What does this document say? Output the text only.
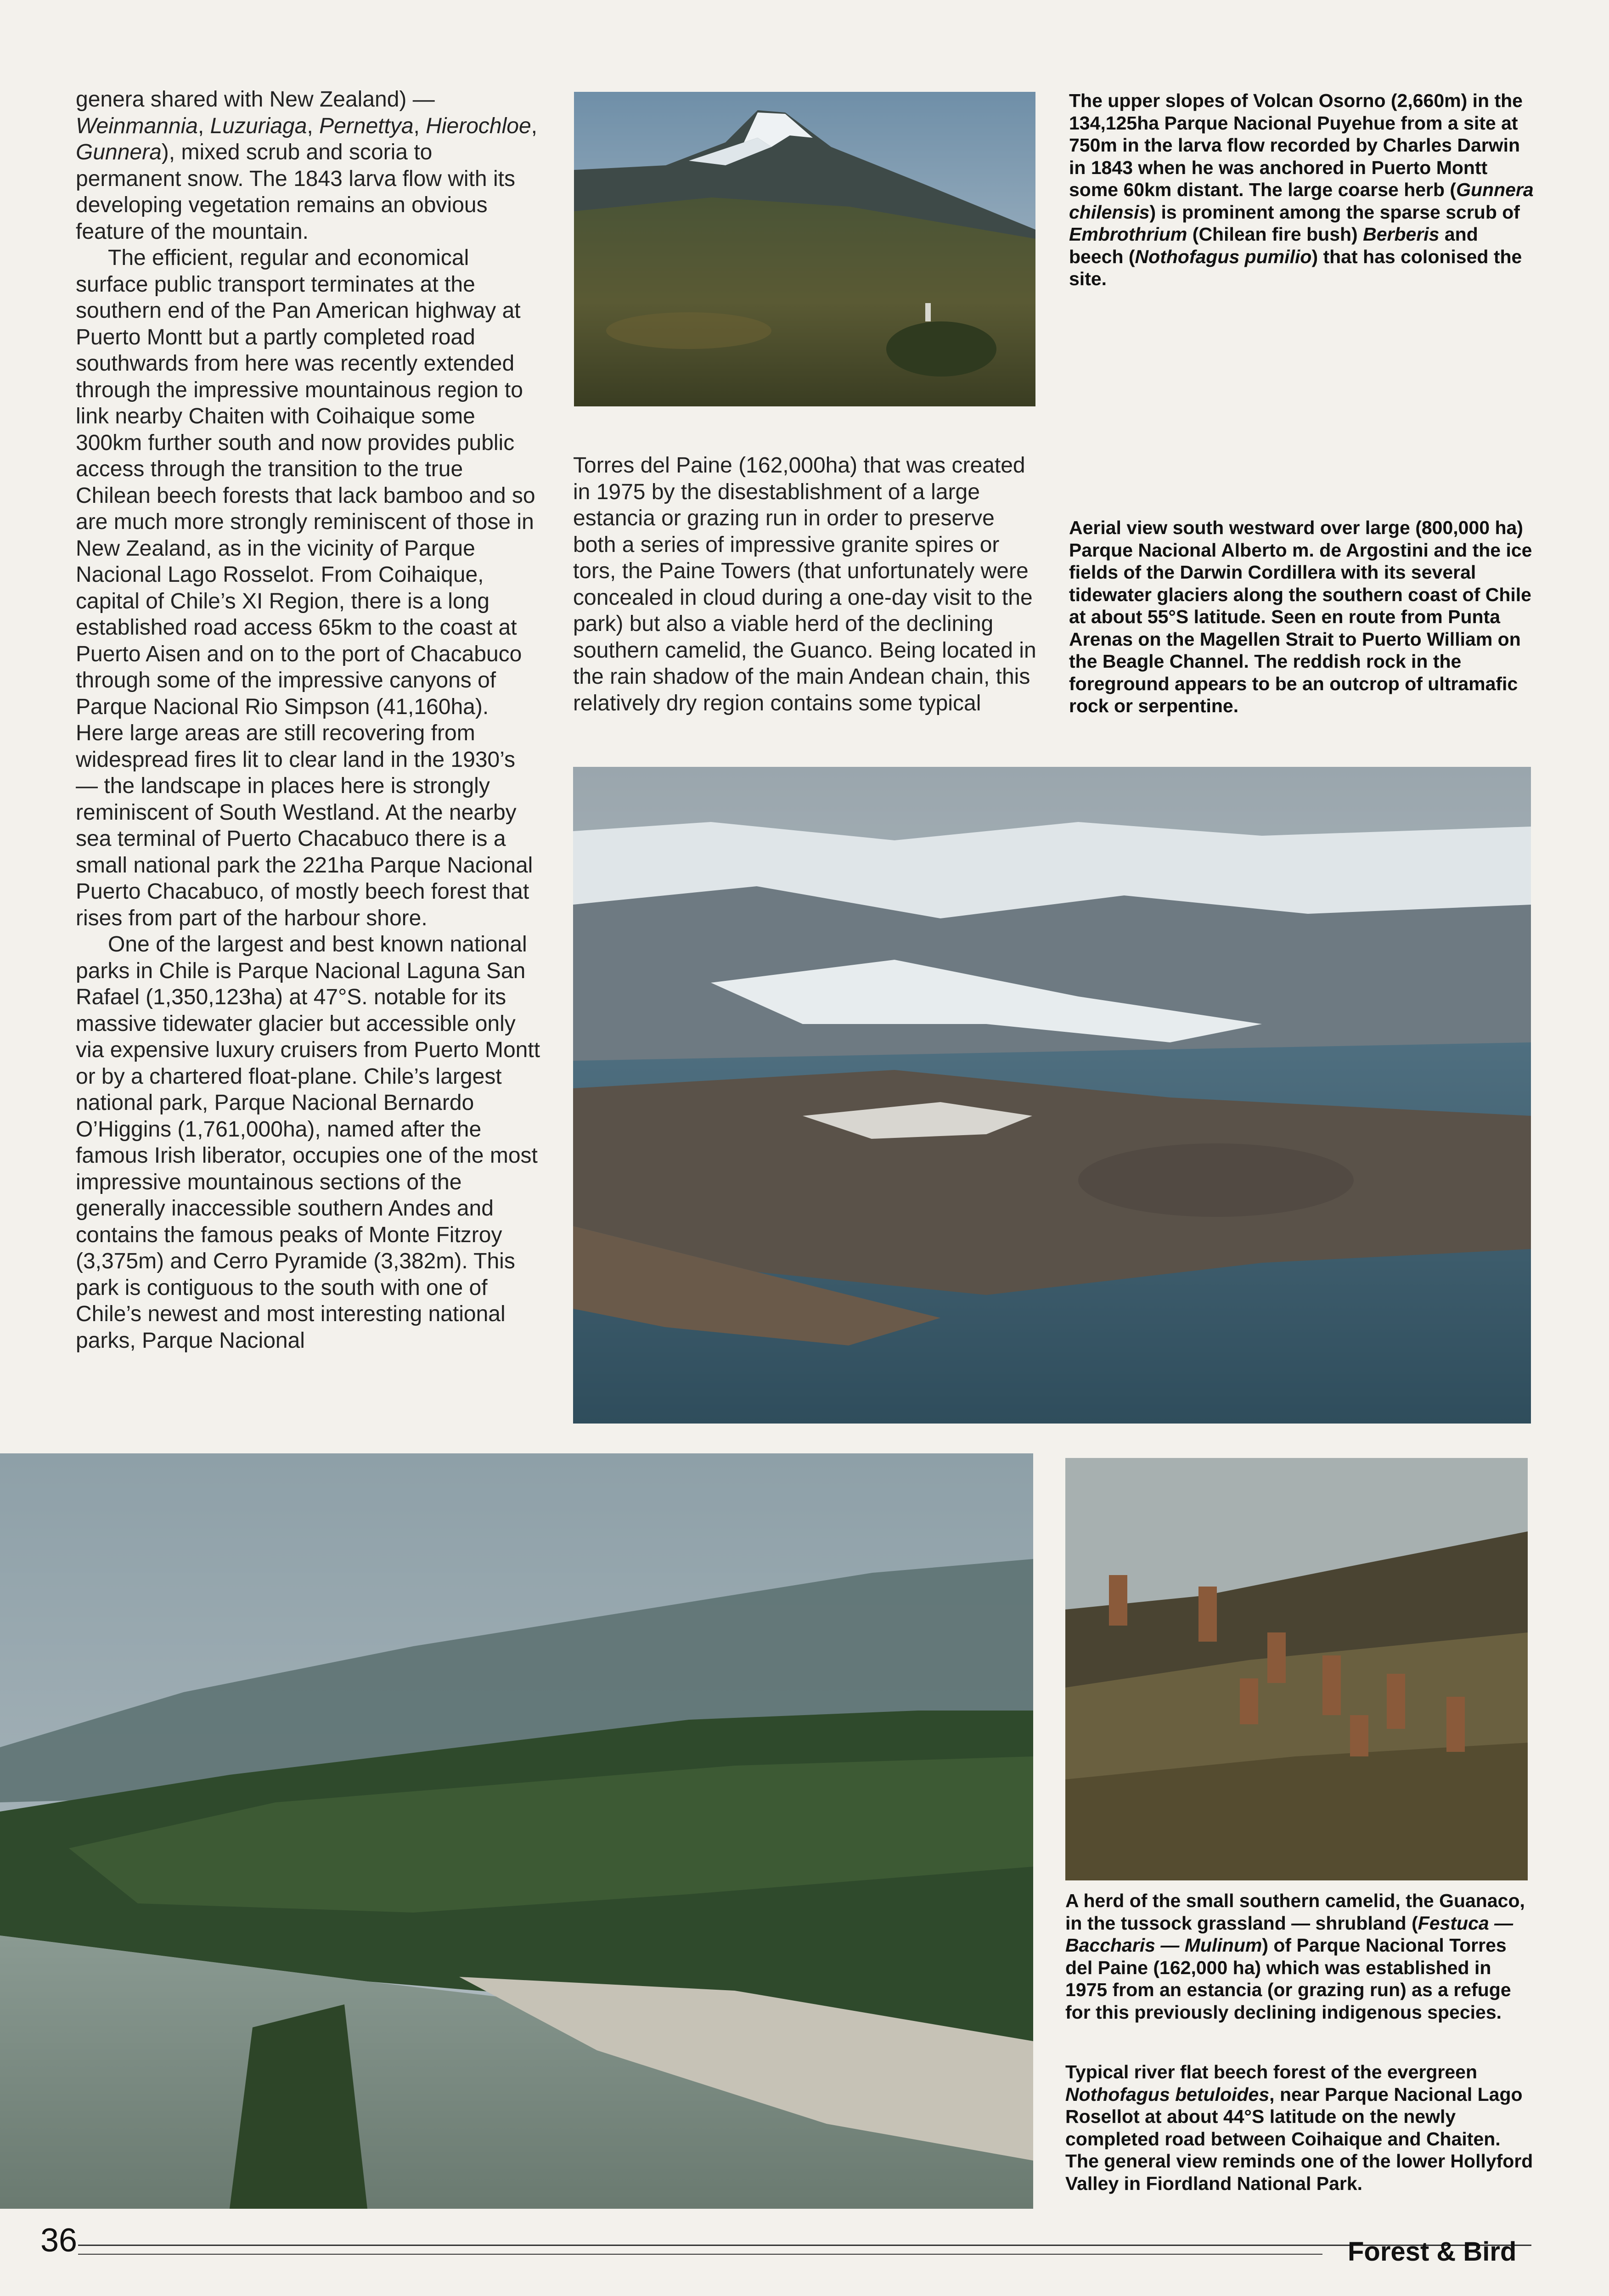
genera shared with New Zealand) — Weinmannia, Luzuriaga, Pernettya, Hierochloe, Gunnera), mixed scrub and scoria to permanent snow. The 1843 larva flow with its developing vegetation remains an obvious feature of the mountain.

The efficient, regular and economical surface public transport terminates at the southern end of the Pan American highway at Puerto Montt but a partly completed road southwards from here was recently extended through the impressive mountainous region to link nearby Chaiten with Coihaique some 300km further south and now provides public access through the transition to the true Chilean beech forests that lack bamboo and so are much more strongly reminiscent of those in New Zealand, as in the vicinity of Parque Nacional Lago Rosselot. From Coihaique, capital of Chile’s XI Region, there is a long established road access 65km to the coast at Puerto Aisen and on to the port of Chacabuco through some of the impressive canyons of Parque Nacional Rio Simpson (41,160ha). Here large areas are still recovering from widespread fires lit to clear land in the 1930’s — the landscape in places here is strongly reminiscent of South Westland. At the nearby sea terminal of Puerto Chacabuco there is a small national park the 221ha Parque Nacional Puerto Chacabuco, of mostly beech forest that rises from part of the harbour shore.

One of the largest and best known national parks in Chile is Parque Nacional Laguna San Rafael (1,350,123ha) at 47°S. notable for its massive tidewater glacier but accessible only via expensive luxury cruisers from Puerto Montt or by a chartered float-plane. Chile’s largest national park, Parque Nacional Bernardo O’Higgins (1,761,000ha), named after the famous Irish liberator, occupies one of the most impressive mountainous sections of the generally inaccessible southern Andes and contains the famous peaks of Monte Fitzroy (3,375m) and Cerro Pyramide (3,382m). This park is contiguous to the south with one of Chile’s newest and most interesting national parks, Parque Nacional

The upper slopes of Volcan Osorno (2,660m) in the 134,125ha Parque Nacional Puyehue from a site at 750m in the larva flow recorded by Charles Darwin in 1843 when he was anchored in Puerto Montt some 60km distant. The large coarse herb (Gunnera chilensis) is prominent among the sparse scrub of Embrothrium (Chilean fire bush) Berberis and beech (Nothofagus pumilio) that has colonised the site.

Torres del Paine (162,000ha) that was created in 1975 by the disestablishment of a large estancia or grazing run in order to preserve both a series of impressive granite spires or tors, the Paine Towers (that unfortunately were concealed in cloud during a one-day visit to the park) but also a viable herd of the declining southern camelid, the Guanco. Being located in the rain shadow of the main Andean chain, this relatively dry region contains some typical

Aerial view south westward over large (800,000 ha) Parque Nacional Alberto m. de Argostini and the ice fields of the Darwin Cordillera with its several tidewater glaciers along the southern coast of Chile at about 55°S latitude. Seen en route from Punta Arenas on the Magellen Strait to Puerto William on the Beagle Channel. The reddish rock in the foreground appears to be an outcrop of ultramafic rock or serpentine.
A herd of the small southern camelid, the Guanaco, in the tussock grassland — shrubland (Festuca — Baccharis — Mulinum) of Parque Nacional Torres del Paine (162,000 ha) which was established in 1975 from an estancia (or grazing run) as a refuge for this previously declining indigenous species.
Typical river flat beech forest of the evergreen Nothofagus betuloides, near Parque Nacional Lago Rosellot at about 44°S latitude on the newly completed road between Coihaique and Chaiten. The general view reminds one of the lower Hollyford Valley in Fiordland National Park.
36	Forest & Bird
